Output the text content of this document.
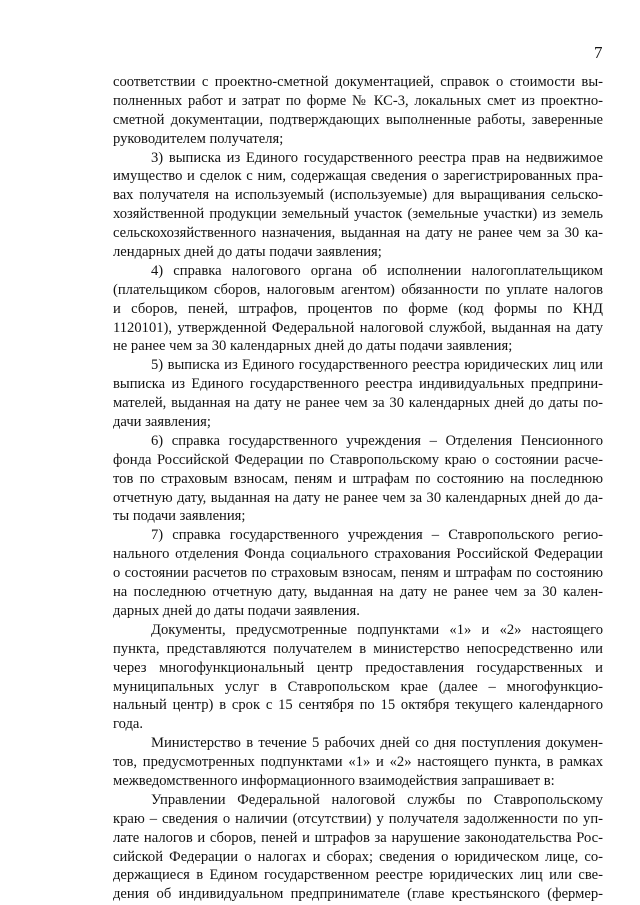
7
соответствии с проектно-сметной документацией, справок о стоимости вы-
полненных работ и затрат по форме № КС-3, локальных смет из проектно-
сметной документации, подтверждающих выполненные работы, заверенные
руководителем получателя;
3) выписка из Единого государственного реестра прав на недвижимое
имущество и сделок с ним, содержащая сведения о зарегистрированных пра-
вах получателя на используемый (используемые) для выращивания сельско-
хозяйственной продукции земельный участок (земельные участки) из земель
сельскохозяйственного назначения, выданная на дату не ранее чем за 30 ка-
лендарных дней до даты подачи заявления;
4) справка налогового органа об исполнении налогоплательщиком
(плательщиком сборов, налоговым агентом) обязанности по уплате налогов
и сборов, пеней, штрафов, процентов по форме (код формы по КНД
1120101), утвержденной Федеральной налоговой службой, выданная на дату
не ранее чем за 30 календарных дней до даты подачи заявления;
5) выписка из Единого государственного реестра юридических лиц или
выписка из Единого государственного реестра индивидуальных предприни-
мателей, выданная на дату не ранее чем за 30 календарных дней до даты по-
дачи заявления;
6) справка государственного учреждения – Отделения Пенсионного
фонда Российской Федерации по Ставропольскому краю о состоянии расче-
тов по страховым взносам, пеням и штрафам по состоянию на последнюю
отчетную дату, выданная на дату не ранее чем за 30 календарных дней до да-
ты подачи заявления;
7) справка государственного учреждения – Ставропольского регио-
нального отделения Фонда социального страхования Российской Федерации
о состоянии расчетов по страховым взносам, пеням и штрафам по состоянию
на последнюю отчетную дату, выданная на дату не ранее чем за 30 кален-
дарных дней до даты подачи заявления.
Документы, предусмотренные подпунктами «1» и «2» настоящего
пункта, представляются получателем в министерство непосредственно или
через многофункциональный центр предоставления государственных и
муниципальных услуг в Ставропольском крае (далее – многофункцио-
нальный центр) в срок с 15 сентября по 15 октября текущего календарного
года.
Министерство в течение 5 рабочих дней со дня поступления докумен-
тов, предусмотренных подпунктами «1» и «2» настоящего пункта, в рамках
межведомственного информационного взаимодействия запрашивает в:
Управлении Федеральной налоговой службы по Ставропольскому
краю – сведения о наличии (отсутствии) у получателя задолженности по уп-
лате налогов и сборов, пеней и штрафов за нарушение законодательства Рос-
сийской Федерации о налогах и сборах; сведения о юридическом лице, со-
держащиеся в Едином государственном реестре юридических лиц или све-
дения об индивидуальном предпринимателе (главе крестьянского (фермер-
